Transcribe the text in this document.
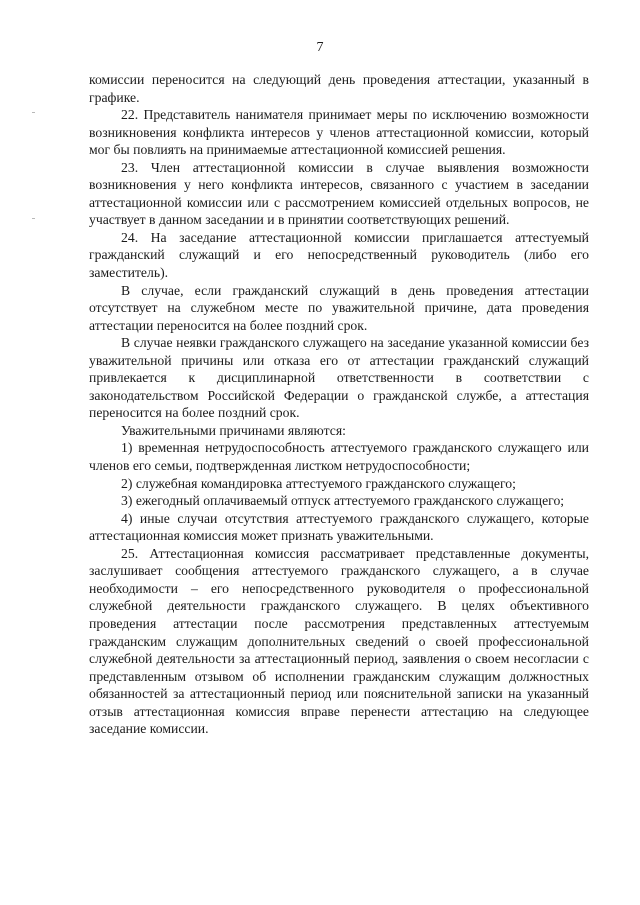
7

комиссии переносится на следующий день проведения аттестации, указанный в графике.

22. Представитель нанимателя принимает меры по исключению возможности возникновения конфликта интересов у членов аттестационной комиссии, который мог бы повлиять на принимаемые аттестационной комиссией решения.

23. Член аттестационной комиссии в случае выявления возможности возникновения у него конфликта интересов, связанного с участием в заседании аттестационной комиссии или с рассмотрением комиссией отдельных вопросов, не участвует в данном заседании и в принятии соответствующих решений.

24. На заседание аттестационной комиссии приглашается аттестуемый гражданский служащий и его непосредственный руководитель (либо его заместитель).

В случае, если гражданский служащий в день проведения аттестации отсутствует на служебном месте по уважительной причине, дата проведения аттестации переносится на более поздний срок.

В случае неявки гражданского служащего на заседание указанной комиссии без уважительной причины или отказа его от аттестации гражданский служащий привлекается к дисциплинарной ответственности в соответствии с законодательством Российской Федерации о гражданской службе, а аттестация переносится на более поздний срок.

Уважительными причинами являются:

1) временная нетрудоспособность аттестуемого гражданского служащего или членов его семьи, подтвержденная листком нетрудоспособности;

2) служебная командировка аттестуемого гражданского служащего;

3) ежегодный оплачиваемый отпуск аттестуемого гражданского служащего;

4) иные случаи отсутствия аттестуемого гражданского служащего, которые аттестационная комиссия может признать уважительными.

25. Аттестационная комиссия рассматривает представленные документы, заслушивает сообщения аттестуемого гражданского служащего, а в случае необходимости – его непосредственного руководителя о профессиональной служебной деятельности гражданского служащего. В целях объективного проведения аттестации после рассмотрения представленных аттестуемым гражданским служащим дополнительных сведений о своей профессиональной служебной деятельности за аттестационный период, заявления о своем несогласии с представленным отзывом об исполнении гражданским служащим должностных обязанностей за аттестационный период или пояснительной записки на указанный отзыв аттестационная комиссия вправе перенести аттестацию на следующее заседание комиссии.
